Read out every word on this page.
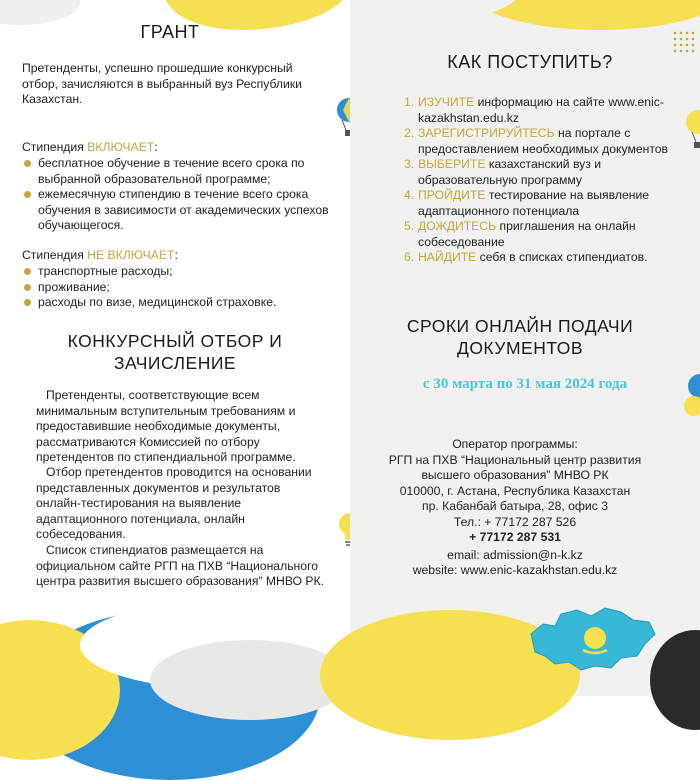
ГРАНТ
Претенденты, успешно прошедшие конкурсный отбор, зачисляются в выбранный вуз Республики Казахстан.
Стипендия ВКЛЮЧАЕТ:
бесплатное обучение в течение всего срока по выбранной образовательной программе;
ежемесячную стипендию в течение всего срока обучения в зависимости от академических успехов обучающегося.
Стипендия НЕ ВКЛЮЧАЕТ:
транспортные расходы;
проживание;
расходы по визе, медицинской страховке.
КОНКУРСНЫЙ ОТБОР И
ЗАЧИСЛЕНИЕ
Претенденты, соответствующие всем минимальным вступительным требованиям и предоставившие необходимые документы, рассматриваются Комиссией по отбору претендентов по стипендиальной программе.
Отбор претендентов проводится на основании представленных документов и результатов онлайн-тестирования на выявление адаптационного потенциала, онлайн собеседования.
Список стипендиатов размещается на официальном сайте РГП на ПХВ “Национального центра развития высшего образования” МНВО РК.
КАК ПОСТУПИТЬ?
1. ИЗУЧИТЕ информацию на сайте www.enic-kazakhstan.edu.kz
2. ЗАРЕГИСТРИРУЙТЕСЬ на портале с предоставлением необходимых документов
3. ВЫБЕРИТЕ казахстанский вуз и образовательную программу
4. ПРОЙДИТЕ тестирование на выявление адаптационного потенциала
5. ДОЖДИТЕСЬ приглашения на онлайн собеседование
6. НАЙДИТЕ себя в списках стипендиатов.
СРОКИ ОНЛАЙН ПОДАЧИ
ДОКУМЕНТОВ
с 30 марта по 31 мая 2024 года
Оператор программы:
РГП на ПХВ “Национальный центр развития
высшего образования” МНВО РК
010000, г. Астана, Республика Казахстан
пр. Кабанбай батыра, 28, офис 3
Тел.: + 77172 287 526
+ 77172 287 531
email: admission@n-k.kz
website: www.enic-kazakhstan.edu.kz
